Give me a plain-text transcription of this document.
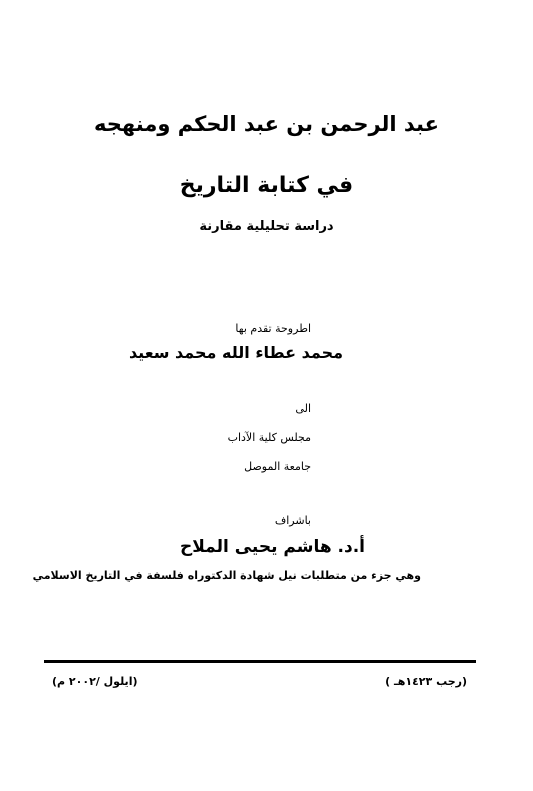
عبد الرحمن بن عبد الحكم ومنهجه
في كتابة التاريخ
دراسة تحليلية مقارنة
اطروحة تقدم بها
محمد عطاء الله محمد سعيد
الى
مجلس كلية الآداب
جامعة الموصل
باشراف
أ.د. هاشم يحيى الملاح
وهي جزء من متطلبات نيل شهادة الدكتوراه فلسفة في التاريخ الاسلامي
(رجب ١٤٢٣هـ )
(ايلول /٢٠٠٢ م)
